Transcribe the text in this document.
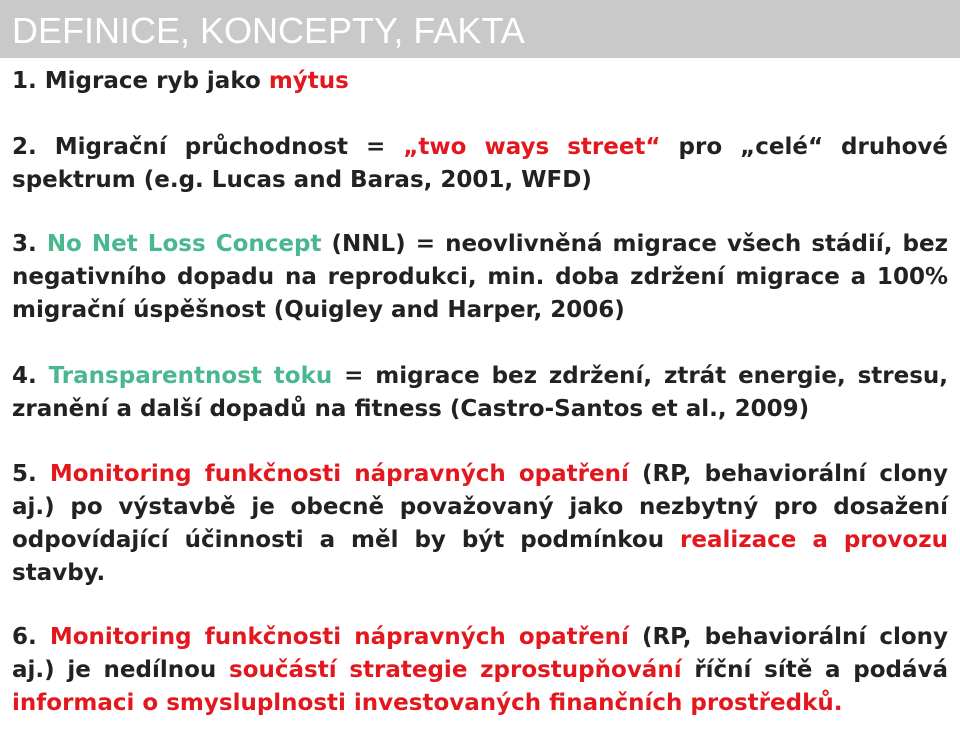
DEFINICE, KONCEPTY, FAKTA
1. Migrace ryb jako mýtus
2. Migrační průchodnost = „two ways street“ pro „celé“ druhové spektrum (e.g. Lucas and Baras, 2001, WFD)
3. No Net Loss Concept (NNL) = neovlivněná migrace všech stádií, bez negativního dopadu na reprodukci, min. doba zdržení migrace a 100% migrační úspěšnost (Quigley and Harper, 2006)
4. Transparentnost toku = migrace bez zdržení, ztrát energie, stresu, zranění a další dopadů na fitness (Castro-Santos et al., 2009)
5. Monitoring funkčnosti nápravných opatření (RP, behaviorální clony aj.) po výstavbě je obecně považovaný jako nezbytný pro dosažení odpovídající účinnosti a měl by být podmínkou realizace a provozu stavby.
6. Monitoring funkčnosti nápravných opatření (RP, behaviorální clony aj.) je nedílnou součástí strategie zprostupňování říční sítě a podává informaci o smysluplnosti investovaných finančních prostředků.
